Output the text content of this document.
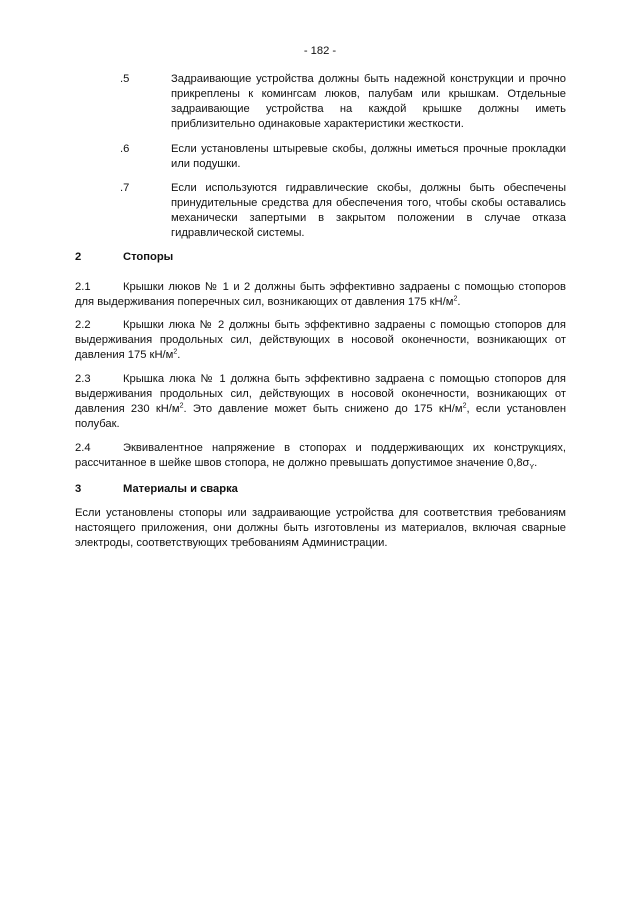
- 182 -
.5	Задраивающие устройства должны быть надежной конструкции и прочно прикреплены к комингсам люков, палубам или крышкам. Отдельные задраивающие устройства на каждой крышке должны иметь приблизительно одинаковые характеристики жесткости.
.6	Если установлены штыревые скобы, должны иметься прочные прокладки или подушки.
.7	Если используются гидравлические скобы, должны быть обеспечены принудительные средства для обеспечения того, чтобы скобы оставались механически запертыми в закрытом положении в случае отказа гидравлической системы.
2	Стопоры
2.1	Крышки люков № 1 и 2 должны быть эффективно задраены с помощью стопоров для выдерживания поперечных сил, возникающих от давления 175 $кН/м^2$.
2.2	Крышки люка № 2 должны быть эффективно задраены с помощью стопоров для выдерживания продольных сил, действующих в носовой оконечности, возникающих от давления 175 $кН/м^2$.
2.3	Крышка люка № 1 должна быть эффективно задраена с помощью стопоров для выдерживания продольных сил, действующих в носовой оконечности, возникающих от давления 230 $кН/м^2$. Это давление может быть снижено до 175 $кН/м^2$, если установлен полубак.
2.4	Эквивалентное напряжение в стопорах и поддерживающих их конструкциях, рассчитанное в шейке швов стопора, не должно превышать допустимое значение $0,8\sigma_Y$.
3	Материалы и сварка
Если установлены стопоры или задраивающие устройства для соответствия требованиям настоящего приложения, они должны быть изготовлены из материалов, включая сварные электроды, соответствующих требованиям Администрации.
